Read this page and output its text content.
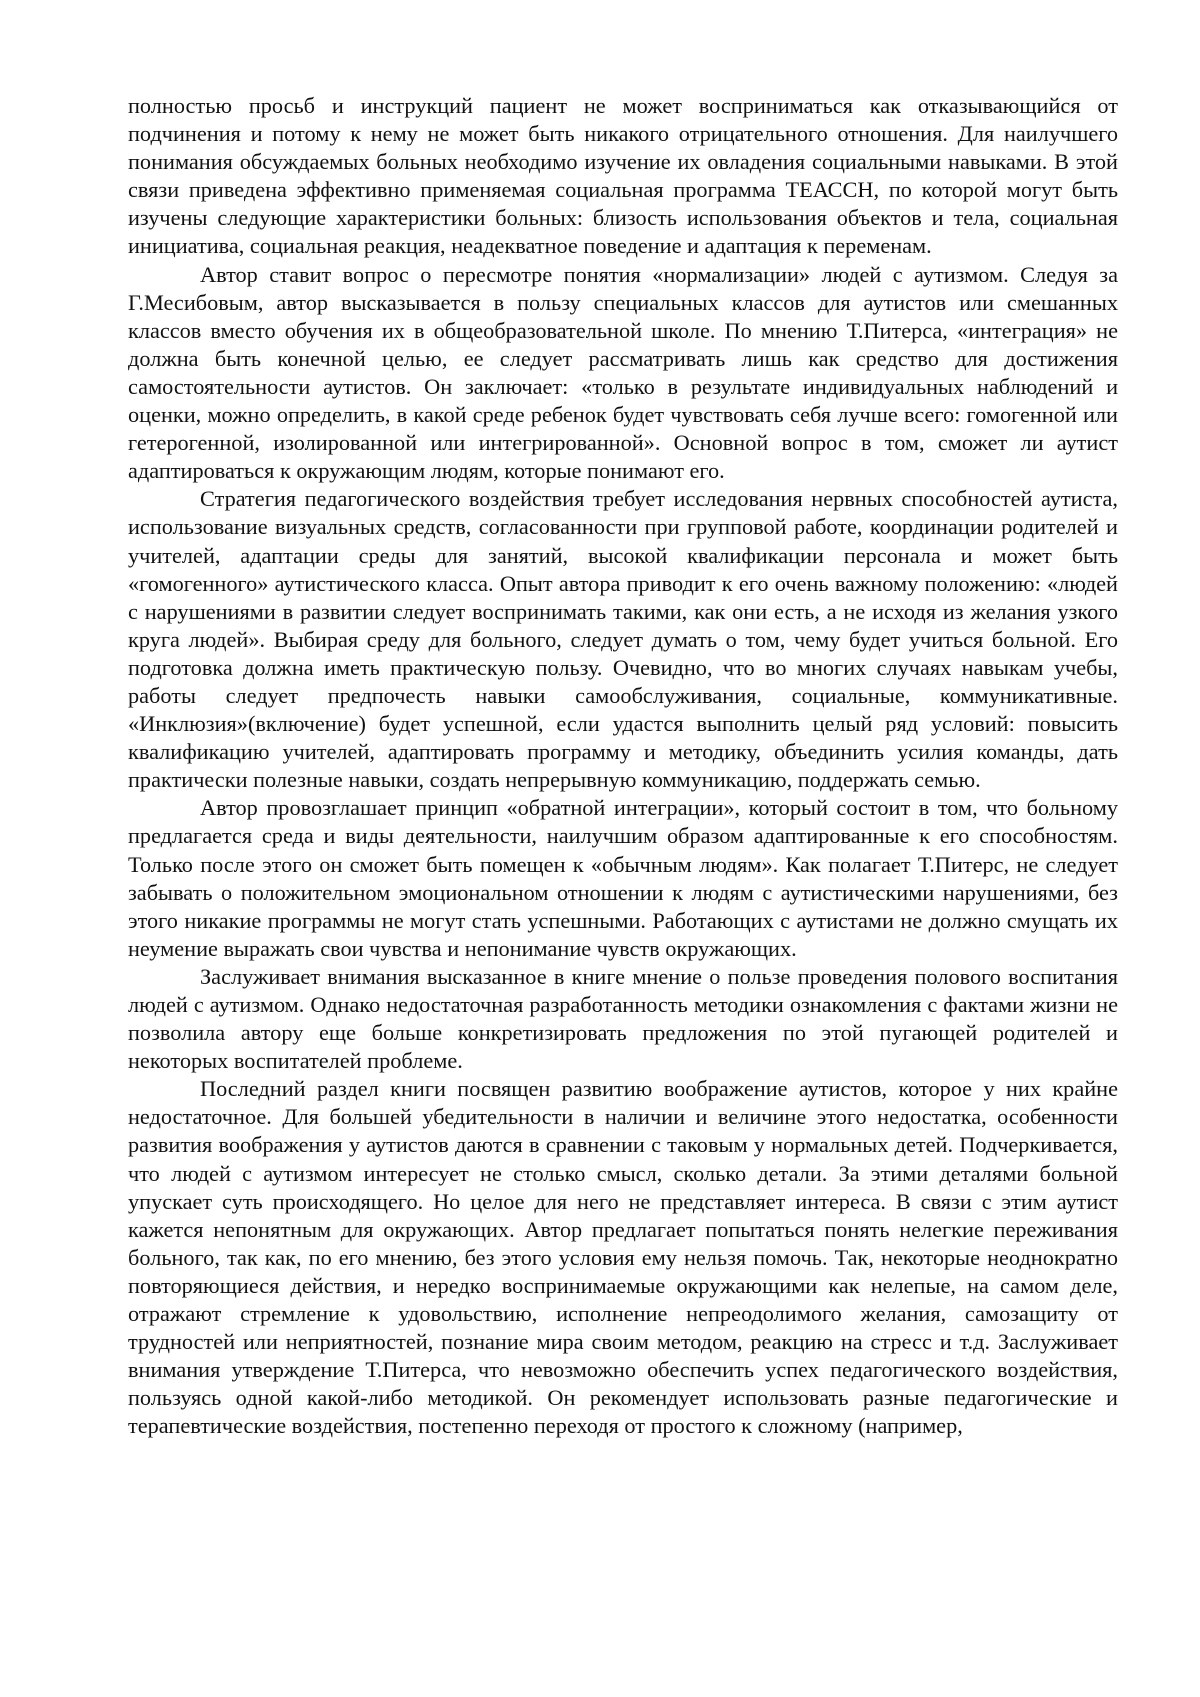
полностью просьб и инструкций пациент не может восприниматься как отказывающийся от подчинения и потому к нему не может быть никакого отрицательного отношения. Для наилучшего понимания обсуждаемых больных необходимо изучение их овладения социальными навыками. В этой связи приведена эффективно применяемая социальная программа ТЕАССН, по которой могут быть изучены следующие характеристики больных: близость использования объектов и тела, социальная инициатива, социальная реакция, неадекватное поведение и адаптация к переменам.

Автор ставит вопрос о пересмотре понятия «нормализации» людей с аутизмом. Следуя за Г.Месибовым, автор высказывается в пользу специальных классов для аутистов или смешанных классов вместо обучения их в общеобразовательной школе. По мнению Т.Питерса, «интеграция» не должна быть конечной целью, ее следует рассматривать лишь как средство для достижения самостоятельности аутистов. Он заключает: «только в результате индивидуальных наблюдений и оценки, можно определить, в какой среде ребенок будет чувствовать себя лучше всего: гомогенной или гетерогенной, изолированной или интегрированной». Основной вопрос в том, сможет ли аутист адаптироваться к окружающим людям, которые понимают его.

Стратегия педагогического воздействия требует исследования нервных способностей аутиста, использование визуальных средств, согласованности при групповой работе, координации родителей и учителей, адаптации среды для занятий, высокой квалификации персонала и может быть «гомогенного» аутистического класса. Опыт автора приводит к его очень важному положению: «людей с нарушениями в развитии следует воспринимать такими, как они есть, а не исходя из желания узкого круга людей». Выбирая среду для больного, следует думать о том, чему будет учиться больной. Его подготовка должна иметь практическую пользу. Очевидно, что во многих случаях навыкам учебы, работы следует предпочесть навыки самообслуживания, социальные, коммуникативные. «Инклюзия»(включение) будет успешной, если удастся выполнить целый ряд условий: повысить квалификацию учителей, адаптировать программу и методику, объединить усилия команды, дать практически полезные навыки, создать непрерывную коммуникацию, поддержать семью.

Автор провозглашает принцип «обратной интеграции», который состоит в том, что больному предлагается среда и виды деятельности, наилучшим образом адаптированные к его способностям. Только после этого он сможет быть помещен к «обычным людям». Как полагает Т.Питерс, не следует забывать о положительном эмоциональном отношении к людям с аутистическими нарушениями, без этого никакие программы не могут стать успешными. Работающих с аутистами не должно смущать их неумение выражать свои чувства и непонимание чувств окружающих.

Заслуживает внимания высказанное в книге мнение о пользе проведения полового воспитания людей с аутизмом. Однако недостаточная разработанность методики ознакомления с фактами жизни не позволила автору еще больше конкретизировать предложения по этой пугающей родителей и некоторых воспитателей проблеме.

Последний раздел книги посвящен развитию воображение аутистов, которое у них крайне недостаточное. Для большей убедительности в наличии и величине этого недостатка, особенности развития воображения у аутистов даются в сравнении с таковым у нормальных детей. Подчеркивается, что людей с аутизмом интересует не столько смысл, сколько детали. За этими деталями больной упускает суть происходящего. Но целое для него не представляет интереса. В связи с этим аутист кажется непонятным для окружающих. Автор предлагает попытаться понять нелегкие переживания больного, так как, по его мнению, без этого условия ему нельзя помочь. Так, некоторые неоднократно повторяющиеся действия, и нередко воспринимаемые окружающими как нелепые, на самом деле, отражают стремление к удовольствию, исполнение непреодолимого желания, самозащиту от трудностей или неприятностей, познание мира своим методом, реакцию на стресс и т.д. Заслуживает внимания утверждение Т.Питерса, что невозможно обеспечить успех педагогического воздействия, пользуясь одной какой-либо методикой. Он рекомендует использовать разные педагогические и терапевтические воздействия, постепенно переходя от простого к сложному (например,
